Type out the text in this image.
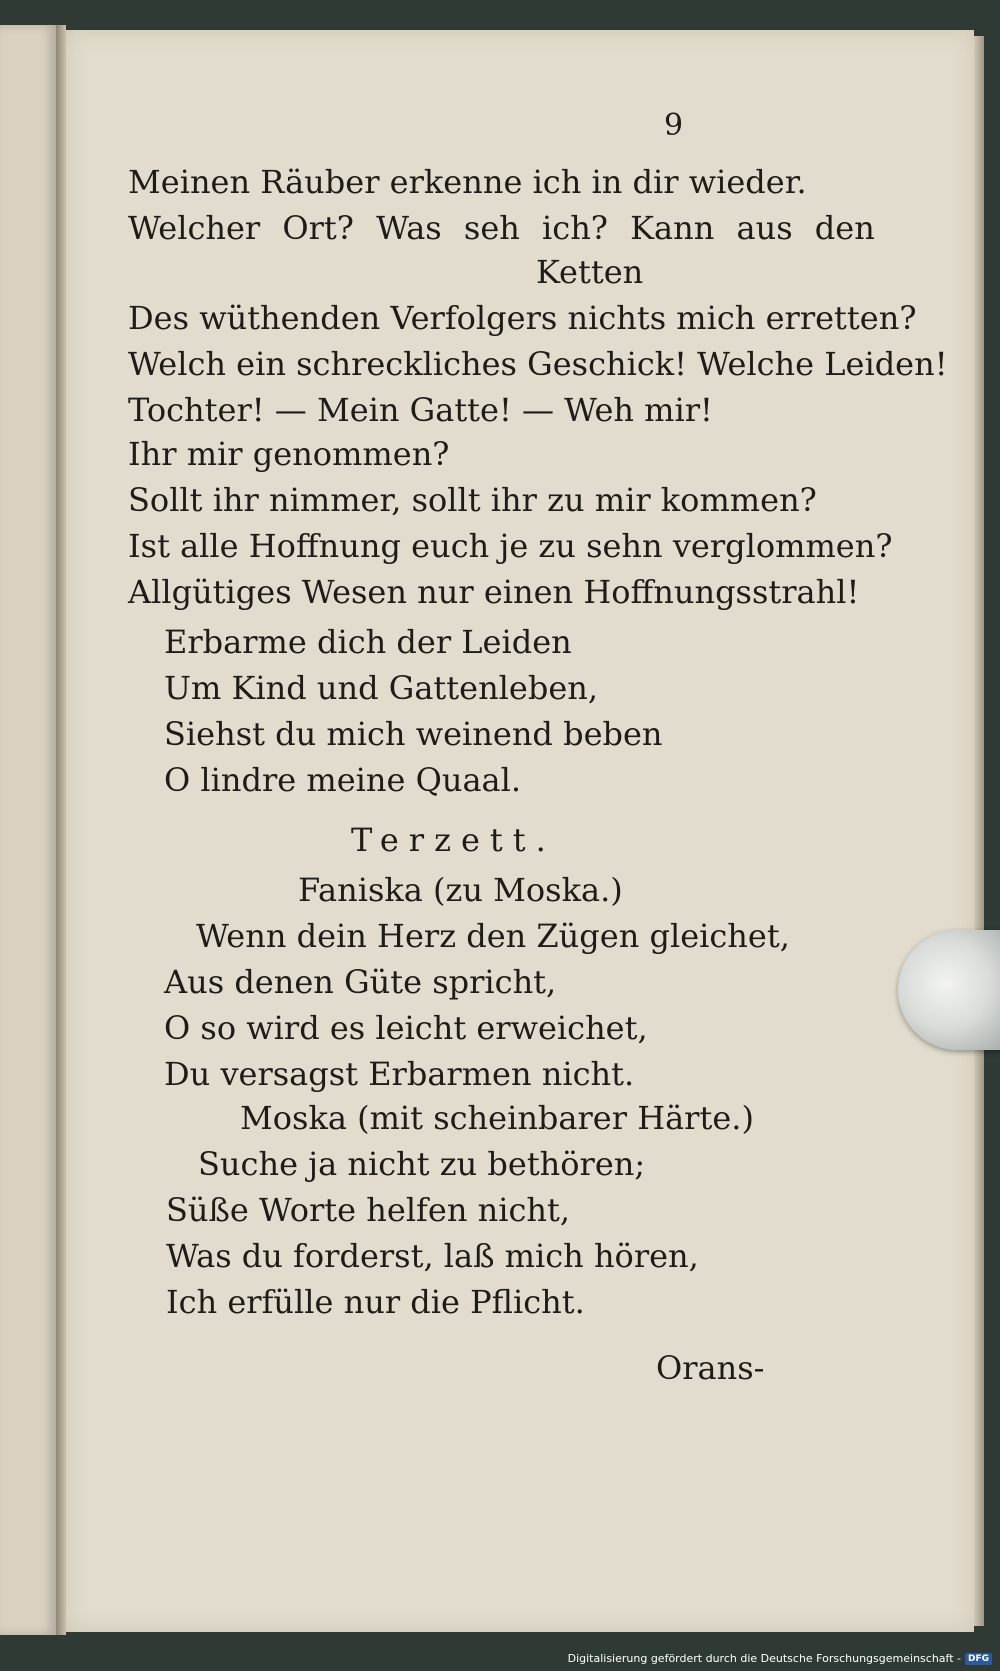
9
Meinen Räuber erkenne ich in dir wieder.
Welcher Ort? Was seh ich? Kann aus den
Ketten
Des wüthenden Verfolgers nichts mich erretten?
Welch ein schreckliches Geschick! Welche Leiden!
Tochter! — Mein Gatte! — Weh mir!
Ihr mir genommen?
Sollt ihr nimmer, sollt ihr zu mir kommen?
Ist alle Hoffnung euch je zu sehn verglommen?
Allgütiges Wesen nur einen Hoffnungsstrahl!
Erbarme dich der Leiden
Um Kind und Gattenleben,
Siehst du mich weinend beben
O lindre meine Quaal.
Terzett.
Faniska (zu Moska.)
Wenn dein Herz den Zügen gleichet,
Aus denen Güte spricht,
O so wird es leicht erweichet,
Du versagst Erbarmen nicht.
Moska (mit scheinbarer Härte.)
Suche ja nicht zu bethören;
Süße Worte helfen nicht,
Was du forderst, laß mich hören,
Ich erfülle nur die Pflicht.
Orans-
Digitalisierung gefördert durch die Deutsche Forschungsgemeinschaft - DFG
